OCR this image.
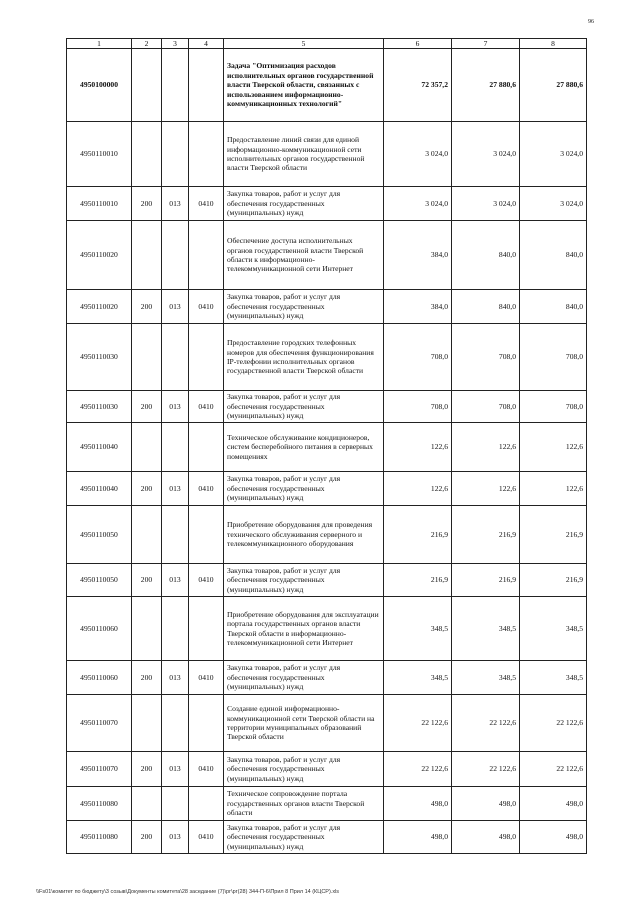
96
1	2	3	4	5	6	7	8
4950100000				Задача "Оптимизация расходов исполнительных органов государственной власти Тверской области, связанных с использованием информационно-коммуникационных технологий"	72 357,2	27 880,6	27 880,6
4950110010				Предоставление линий связи для единой информационно-коммуникационной сети исполнительных органов государственной власти Тверской области	3 024,0	3 024,0	3 024,0
4950110010	200	013	0410	Закупка товаров, работ и услуг для обеспечения государственных (муниципальных) нужд	3 024,0	3 024,0	3 024,0
4950110020				Обеспечение доступа исполнительных органов государственной власти Тверской области к информационно-телекоммуникационной сети Интернет	384,0	840,0	840,0
4950110020	200	013	0410	Закупка товаров, работ и услуг для обеспечения государственных (муниципальных) нужд	384,0	840,0	840,0
4950110030				Предоставление городских телефонных номеров для обеспечения функционирования IP-телефонии исполнительных органов государственной власти Тверской области	708,0	708,0	708,0
4950110030	200	013	0410	Закупка товаров, работ и услуг для обеспечения государственных (муниципальных) нужд	708,0	708,0	708,0
4950110040				Техническое обслуживание кондиционеров, систем бесперебойного питания в серверных помещениях	122,6	122,6	122,6
4950110040	200	013	0410	Закупка товаров, работ и услуг для обеспечения государственных (муниципальных) нужд	122,6	122,6	122,6
4950110050				Приобретение оборудования для проведения технического обслуживания серверного и телекоммуникационного оборудования	216,9	216,9	216,9
4950110050	200	013	0410	Закупка товаров, работ и услуг для обеспечения государственных (муниципальных) нужд	216,9	216,9	216,9
4950110060				Приобретение оборудования для эксплуатации портала государственных органов власти Тверской области в информационно-телекоммуникационной сети Интернет	348,5	348,5	348,5
4950110060	200	013	0410	Закупка товаров, работ и услуг для обеспечения государственных (муниципальных) нужд	348,5	348,5	348,5
4950110070				Создание единой информационно-коммуникационной сети Тверской области на территории муниципальных образований Тверской области	22 122,6	22 122,6	22 122,6
4950110070	200	013	0410	Закупка товаров, работ и услуг для обеспечения государственных (муниципальных) нужд	22 122,6	22 122,6	22 122,6
4950110080				Техническое сопровождение портала государственных органов власти Тверской области	498,0	498,0	498,0
4950110080	200	013	0410	Закупка товаров, работ и услуг для обеспечения государственных (муниципальных) нужд	498,0	498,0	498,0
\\Fs01\комитет по бюджету\3 созыв\Документы комитета\28 заседание (7)\рг\рг(28) 344-П-6\Прил 8 Прил 14 (КЦСР).xls
